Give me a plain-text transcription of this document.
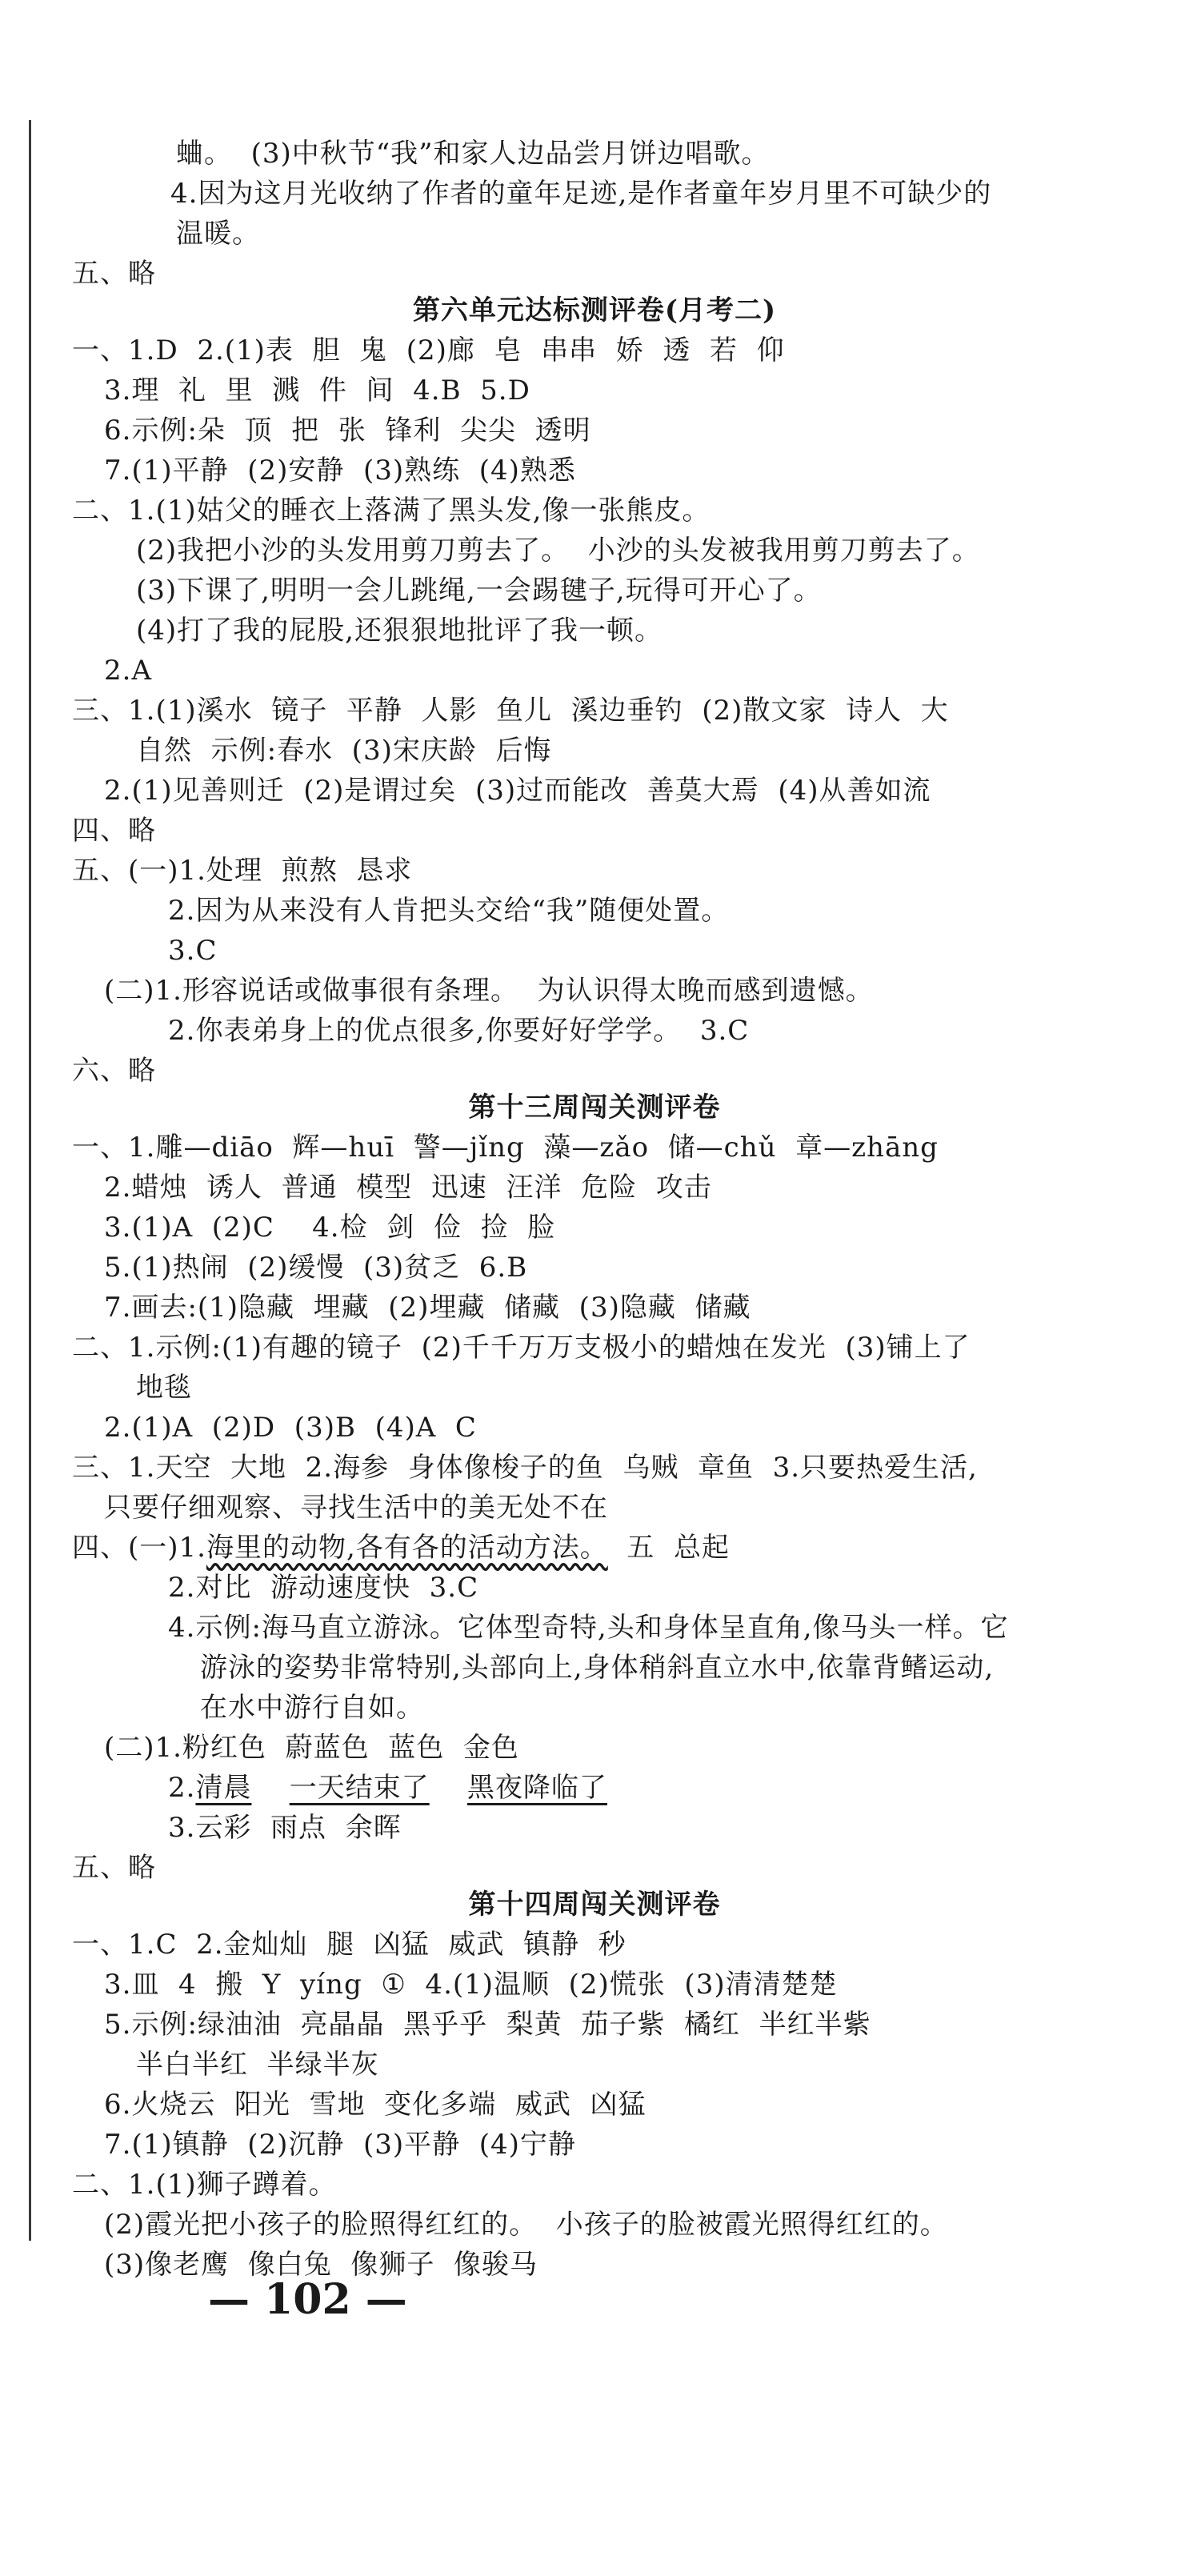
蛐。  (3)中秋节“我”和家人边品尝月饼边唱歌。
4.因为这月光收纳了作者的童年足迹,是作者童年岁月里不可缺少的
温暖。
五、略
第六单元达标测评卷(月考二)
一、1.D  2.(1)表  胆  鬼  (2)廊  皂  串串  娇  透  若  仰
3.理  礼  里  溅  件  间  4.B  5.D
6.示例:朵  顶  把  张  锋利  尖尖  透明
7.(1)平静  (2)安静  (3)熟练  (4)熟悉
二、1.(1)姑父的睡衣上落满了黑头发,像一张熊皮。
(2)我把小沙的头发用剪刀剪去了。  小沙的头发被我用剪刀剪去了。
(3)下课了,明明一会儿跳绳,一会踢毽子,玩得可开心了。
(4)打了我的屁股,还狠狠地批评了我一顿。
2.A
三、1.(1)溪水  镜子  平静  人影  鱼儿  溪边垂钓  (2)散文家  诗人  大
自然  示例:春水  (3)宋庆龄  后悔
2.(1)见善则迁  (2)是谓过矣  (3)过而能改  善莫大焉  (4)从善如流
四、略
五、(一)1.处理  煎熬  恳求
2.因为从来没有人肯把头交给“我”随便处置。
3.C
(二)1.形容说话或做事很有条理。  为认识得太晚而感到遗憾。
2.你表弟身上的优点很多,你要好好学学。  3.C
六、略
第十三周闯关测评卷
一、1.雕—diāo  辉—huī  警—jǐng  藻—zǎo  储—chǔ  章—zhāng
2.蜡烛  诱人  普通  模型  迅速  汪洋  危险  攻击
3.(1)A  (2)C    4.检  剑  俭  捡  脸
5.(1)热闹  (2)缓慢  (3)贫乏  6.B
7.画去:(1)隐藏  埋藏  (2)埋藏  储藏  (3)隐藏  储藏
二、1.示例:(1)有趣的镜子  (2)千千万万支极小的蜡烛在发光  (3)铺上了
地毯
2.(1)A  (2)D  (3)B  (4)A  C
三、1.天空  大地  2.海参  身体像梭子的鱼  乌贼  章鱼  3.只要热爱生活,
只要仔细观察、寻找生活中的美无处不在
四、(一)1.海里的动物,各有各的活动方法。  五  总起
2.对比  游动速度快  3.C
4.示例:海马直立游泳。它体型奇特,头和身体呈直角,像马头一样。它
游泳的姿势非常特别,头部向上,身体稍斜直立水中,依靠背鳍运动,
在水中游行自如。
(二)1.粉红色  蔚蓝色  蓝色  金色
2.清晨 一天结束了 黑夜降临了
3.云彩  雨点  余晖
五、略
第十四周闯关测评卷
一、1.C  2.金灿灿  腿  凶猛  威武  镇静  秒
3.皿  4  搬  Y  yíng  ①  4.(1)温顺  (2)慌张  (3)清清楚楚
5.示例:绿油油  亮晶晶  黑乎乎  梨黄  茄子紫  橘红  半红半紫
半白半红  半绿半灰
6.火烧云  阳光  雪地  变化多端  威武  凶猛
7.(1)镇静  (2)沉静  (3)平静  (4)宁静
二、1.(1)狮子蹲着。
(2)霞光把小孩子的脸照得红红的。  小孩子的脸被霞光照得红红的。
(3)像老鹰  像白兔  像狮子  像骏马
— 102 —
